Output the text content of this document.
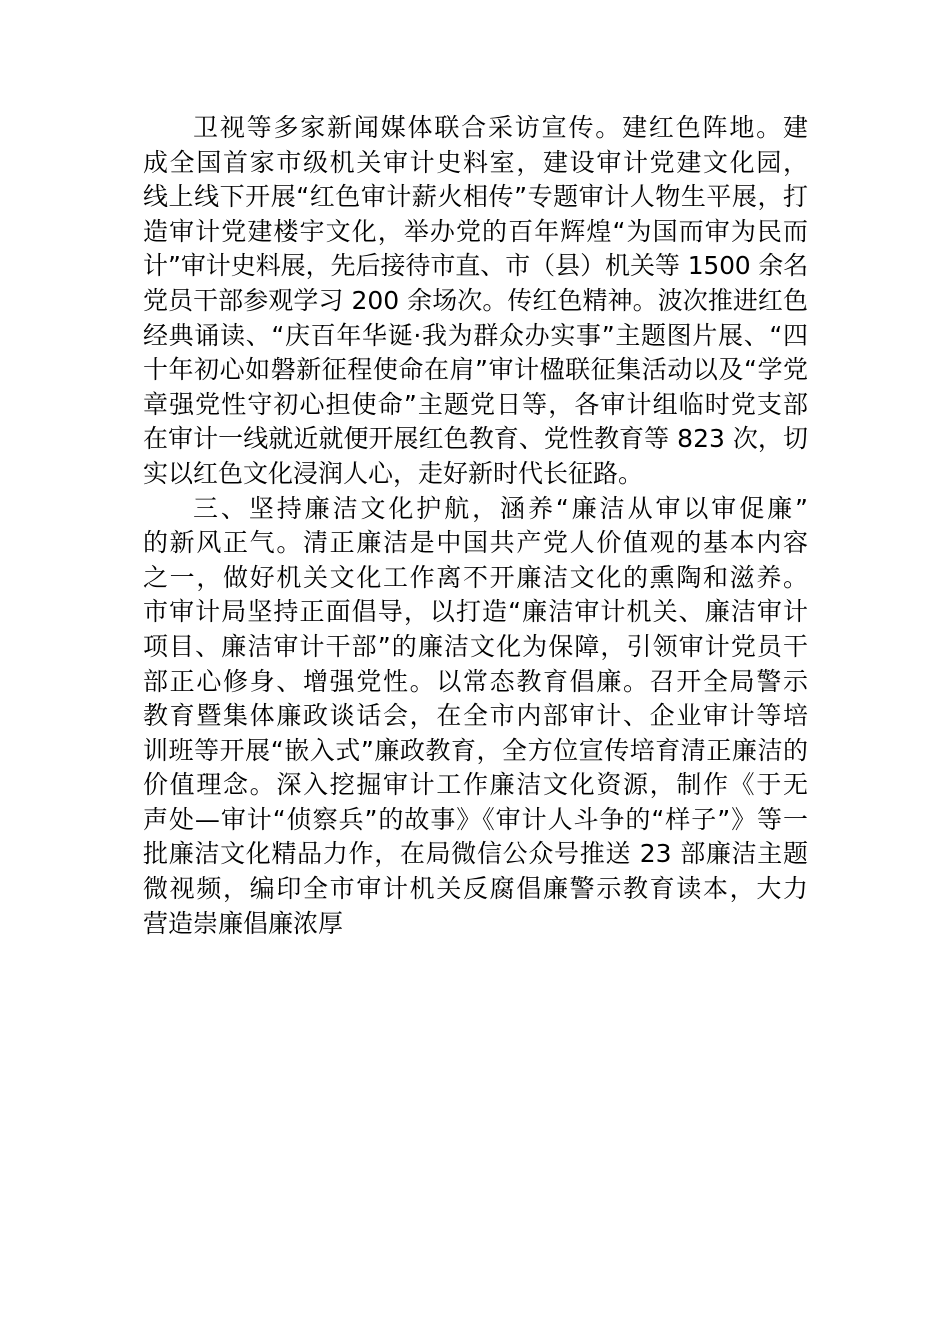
卫视等多家新闻媒体联合采访宣传。建红色阵地。建
成全国首家市级机关审计史料室，建设审计党建文化园，
线上线下开展“红色审计薪火相传”专题审计人物生平展，打
造审计党建楼宇文化，举办党的百年辉煌“为国而审为民而
计”审计史料展，先后接待市直、市（县）机关等 1500 余名
党员干部参观学习 200 余场次。传红色精神。波次推进红色
经典诵读、“庆百年华诞·我为群众办实事”主题图片展、“四
十年初心如磐新征程使命在肩”审计楹联征集活动以及“学党
章强党性守初心担使命”主题党日等，各审计组临时党支部
在审计一线就近就便开展红色教育、党性教育等 823 次，切
实以红色文化浸润人心，走好新时代长征路。
三、坚持廉洁文化护航，涵养“廉洁从审以审促廉”
的新风正气。清正廉洁是中国共产党人价值观的基本内容
之一，做好机关文化工作离不开廉洁文化的熏陶和滋养。
市审计局坚持正面倡导，以打造“廉洁审计机关、廉洁审计
项目、廉洁审计干部”的廉洁文化为保障，引领审计党员干
部正心修身、增强党性。以常态教育倡廉。召开全局警示
教育暨集体廉政谈话会，在全市内部审计、企业审计等培
训班等开展“嵌入式”廉政教育，全方位宣传培育清正廉洁的
价值理念。深入挖掘审计工作廉洁文化资源，制作《于无
声处—审计“侦察兵”的故事》《审计人斗争的“样子”》等一
批廉洁文化精品力作，在局微信公众号推送 23 部廉洁主题
微视频，编印全市审计机关反腐倡廉警示教育读本，大力
营造崇廉倡廉浓厚
